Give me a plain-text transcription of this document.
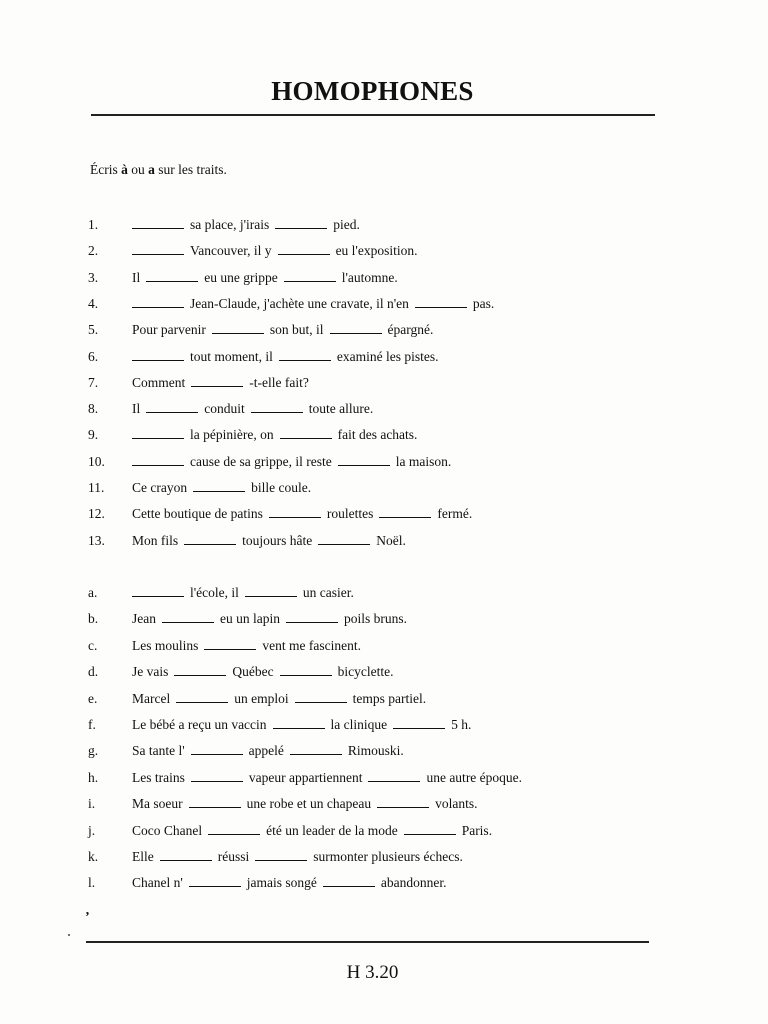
HOMOPHONES
Écris à ou a sur les traits.
1.	sa place, j'irais	pied.
2.	Vancouver, il y	eu l'exposition.
3.	Il	eu une grippe	l'automne.
4.	Jean-Claude, j'achète une cravate, il n'en	pas.
5.	Pour parvenir	son but, il	épargné.
6.	tout moment, il	examiné les pistes.
7.	Comment	-t-elle fait?
8.	Il	conduit	toute allure.
9.	la pépinière, on	fait des achats.
10.	cause de sa grippe, il reste	la maison.
11.	Ce crayon	bille coule.
12.	Cette boutique de patins	roulettes	fermé.
13.	Mon fils	toujours hâte	Noël.
a.	l'école, il	un casier.
b.	Jean	eu un lapin	poils bruns.
c.	Les moulins	vent me fascinent.
d.	Je vais	Québec	bicyclette.
e.	Marcel	un emploi	temps partiel.
f.	Le bébé a reçu un vaccin	la clinique	5 h.
g.	Sa tante l'	appelé	Rimouski.
h.	Les trains	vapeur appartiennent	une autre époque.
i.	Ma soeur	une robe et un chapeau	volants.
j.	Coco Chanel	été un leader de la mode	Paris.
k.	Elle	réussi	surmonter plusieurs échecs.
l.	Chanel n'	jamais songé	abandonner.
’
H 3.20
